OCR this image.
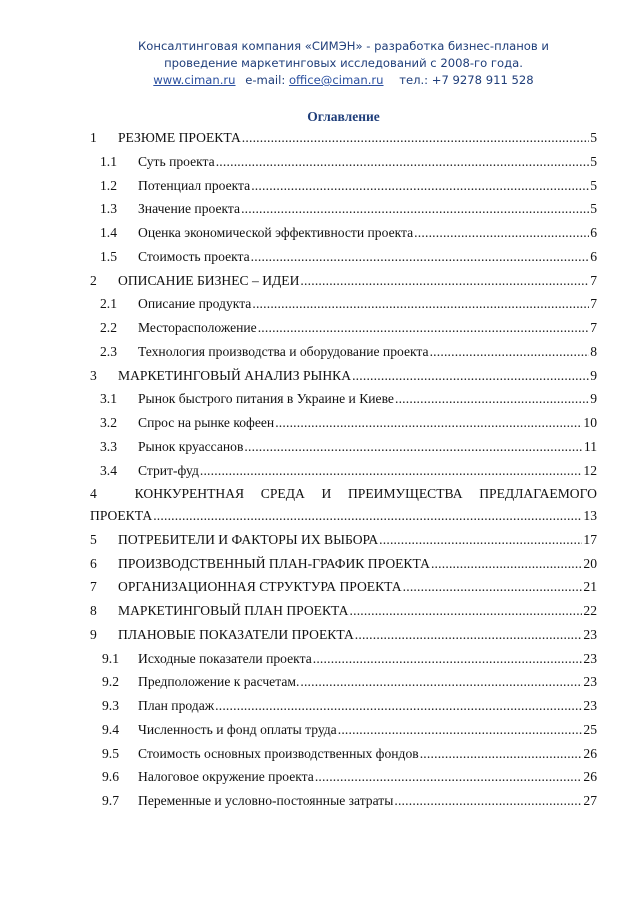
Консалтинговая компания «СИМЭН» - разработка бизнес-планов и
проведение маркетинговых исследований с 2008-го года.
www.ciman.ru e-mail: office@ciman.ru тел.: +7 9278 911 528
Оглавление
1	РЕЗЮМЕ ПРОЕКТА .....	5
1.1	Суть проекта .....	5
1.2	Потенциал проекта .....	5
1.3	Значение проекта .....	5
1.4	Оценка экономической эффективности проекта .....	6
1.5	Стоимость проекта .....	6
2	ОПИСАНИЕ БИЗНЕС – ИДЕИ .....	7
2.1	Описание продукта .....	7
2.2	Месторасположение .....	7
2.3	Технология производства и оборудование проекта .....	8
3	МАРКЕТИНГОВЫЙ АНАЛИЗ РЫНКА .....	9
3.1	Рынок быстрого питания в Украине и Киеве .....	9
3.2	Спрос на рынке кофеен .....	10
3.3	Рынок круассанов .....	11
3.4	Стрит-фуд .....	12
4	КОНКУРЕНТНАЯ СРЕДА И ПРЕИМУЩЕСТВА ПРЕДЛАГАЕМОГО
ПРОЕКТА .....	13
5	ПОТРЕБИТЕЛИ И ФАКТОРЫ ИХ ВЫБОРА .....	17
6	ПРОИЗВОДСТВЕННЫЙ ПЛАН-ГРАФИК ПРОЕКТА .....	20
7	ОРГАНИЗАЦИОННАЯ СТРУКТУРА ПРОЕКТА .....	21
8	МАРКЕТИНГОВЫЙ ПЛАН ПРОЕКТА .....	22
9	ПЛАНОВЫЕ ПОКАЗАТЕЛИ ПРОЕКТА .....	23
9.1	Исходные показатели проекта .....	23
9.2	Предположение к расчетам. .....	23
9.3	План продаж .....	23
9.4	Численность и фонд оплаты труда .....	25
9.5	Стоимость основных производственных фондов .....	26
9.6	Налоговое окружение проекта .....	26
9.7	Переменные и условно-постоянные затраты .....	27
